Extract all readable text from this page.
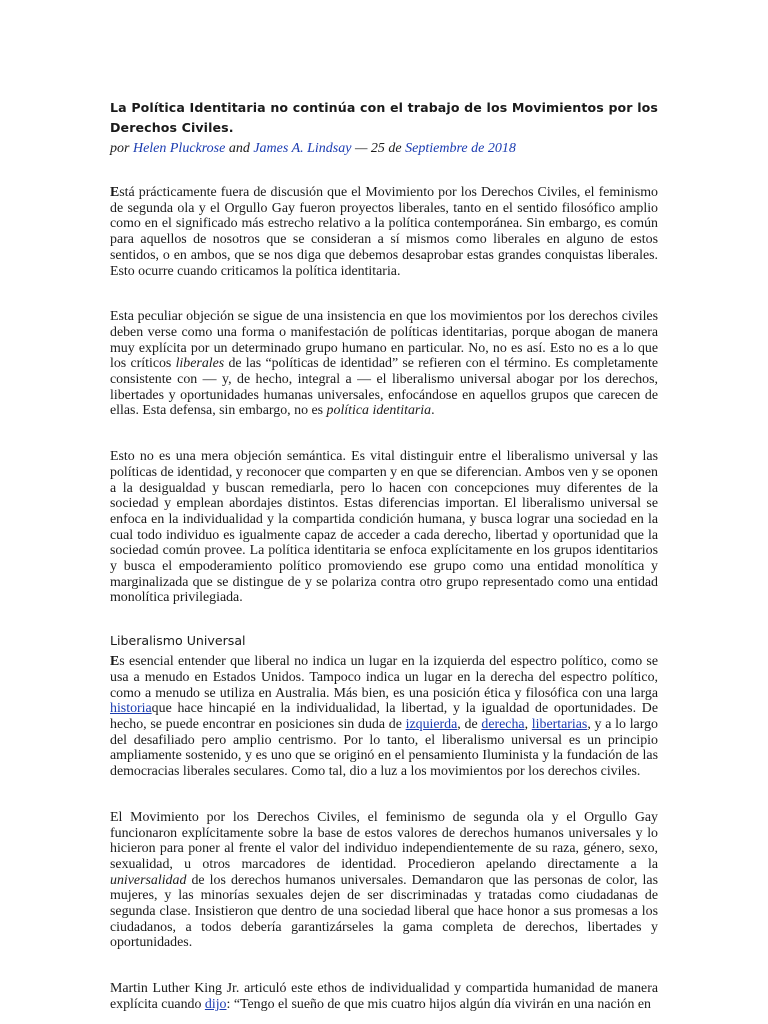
La Política Identitaria no continúa con el trabajo de los Movimientos por los Derechos Civiles.

por Helen Pluckrose and James A. Lindsay — 25 de Septiembre de 2018

Está prácticamente fuera de discusión que el Movimiento por los Derechos Civiles, el feminismo de segunda ola y el Orgullo Gay fueron proyectos liberales, tanto en el sentido filosófico amplio como en el significado más estrecho relativo a la política contemporánea. Sin embargo, es común para aquellos de nosotros que se consideran a sí mismos como liberales en alguno de estos sentidos, o en ambos, que se nos diga que debemos desaprobar estas grandes conquistas liberales. Esto ocurre cuando criticamos la política identitaria.

Esta peculiar objeción se sigue de una insistencia en que los movimientos por los derechos civiles deben verse como una forma o manifestación de políticas identitarias, porque abogan de manera muy explícita por un determinado grupo humano en particular. No, no es así. Esto no es a lo que los críticos liberales de las “políticas de identidad” se refieren con el término. Es completamente consistente con — y, de hecho, integral a — el liberalismo universal abogar por los derechos, libertades y oportunidades humanas universales, enfocándose en aquellos grupos que carecen de ellas. Esta defensa, sin embargo, no es política identitaria.

Esto no es una mera objeción semántica. Es vital distinguir entre el liberalismo universal y las políticas de identidad, y reconocer que comparten y en que se diferencian. Ambos ven y se oponen a la desigualdad y buscan remediarla, pero lo hacen con concepciones muy diferentes de la sociedad y emplean abordajes distintos. Estas diferencias importan. El liberalismo universal se enfoca en la individualidad y la compartida condición humana, y busca lograr una sociedad en la cual todo individuo es igualmente capaz de acceder a cada derecho, libertad y oportunidad que la sociedad común provee. La política identitaria se enfoca explícitamente en los grupos identitarios y busca el empoderamiento político promoviendo ese grupo como una entidad monolítica y marginalizada que se distingue de y se polariza contra otro grupo representado como una entidad monolítica privilegiada.

Liberalismo Universal

Es esencial entender que liberal no indica un lugar en la izquierda del espectro político, como se usa a menudo en Estados Unidos. Tampoco indica un lugar en la derecha del espectro político, como a menudo se utiliza en Australia. Más bien, es una posición ética y filosófica con una larga historiaque hace hincapié en la individualidad, la libertad, y la igualdad de oportunidades. De hecho, se puede encontrar en posiciones sin duda de izquierda, de derecha, libertarias, y a lo largo del desafiliado pero amplio centrismo. Por lo tanto, el liberalismo universal es un principio ampliamente sostenido, y es uno que se originó en el pensamiento Iluminista y la fundación de las democracias liberales seculares. Como tal, dio a luz a los movimientos por los derechos civiles.

El Movimiento por los Derechos Civiles, el feminismo de segunda ola y el Orgullo Gay funcionaron explícitamente sobre la base de estos valores de derechos humanos universales y lo hicieron para poner al frente el valor del individuo independientemente de su raza, género, sexo, sexualidad, u otros marcadores de identidad. Procedieron apelando directamente a la universalidad de los derechos humanos universales. Demandaron que las personas de color, las mujeres, y las minorías sexuales dejen de ser discriminadas y tratadas como ciudadanas de segunda clase. Insistieron que dentro de una sociedad liberal que hace honor a sus promesas a los ciudadanos, a todos debería garantizárseles la gama completa de derechos, libertades y oportunidades.

Martin Luther King Jr. articuló este ethos de individualidad y compartida humanidad de manera explícita cuando dijo: “Tengo el sueño de que mis cuatro hijos algún día vivirán en una nación en
